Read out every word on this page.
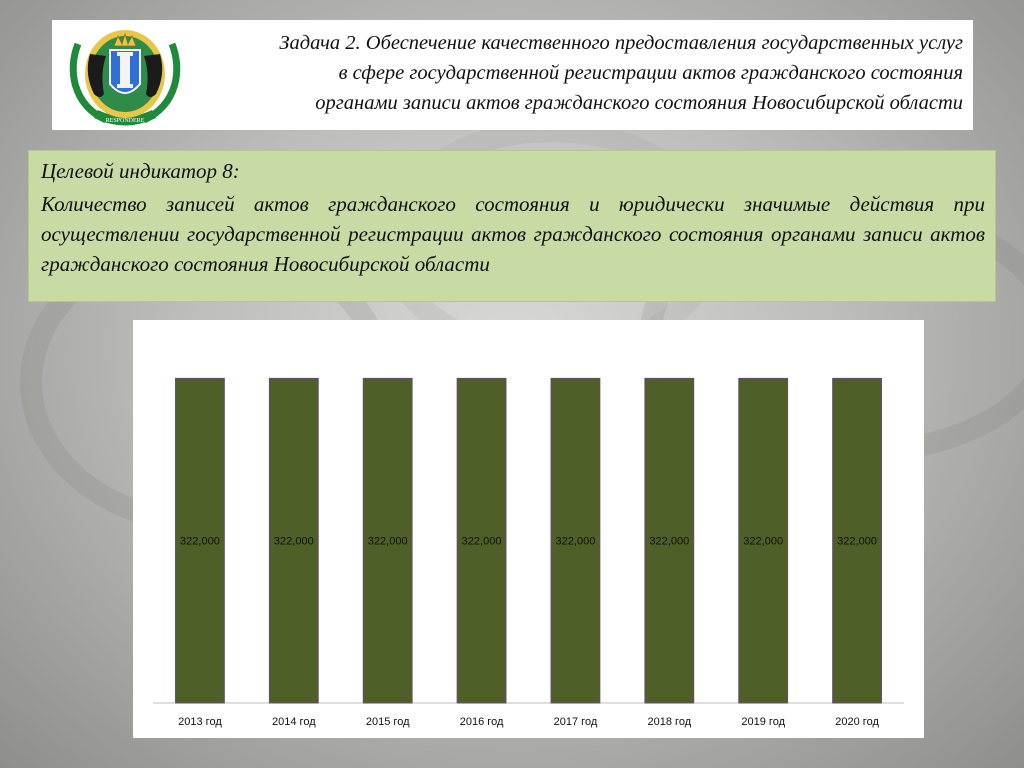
RESPONDERE
Задача 2. Обеспечение качественного предоставления государственных услуг
в сфере государственной регистрации актов гражданского состояния
органами записи актов гражданского состояния Новосибирской области
Целевой индикатор 8:
Количество записей актов гражданского состояния и юридически значимые действия при осуществлении государственной регистрации актов гражданского состояния органами записи актов гражданского состояния Новосибирской области
322,000
2013 год
322,000
2014 год
322,000
2015 год
322,000
2016 год
322,000
2017 год
322,000
2018 год
322,000
2019 год
322,000
2020 год
